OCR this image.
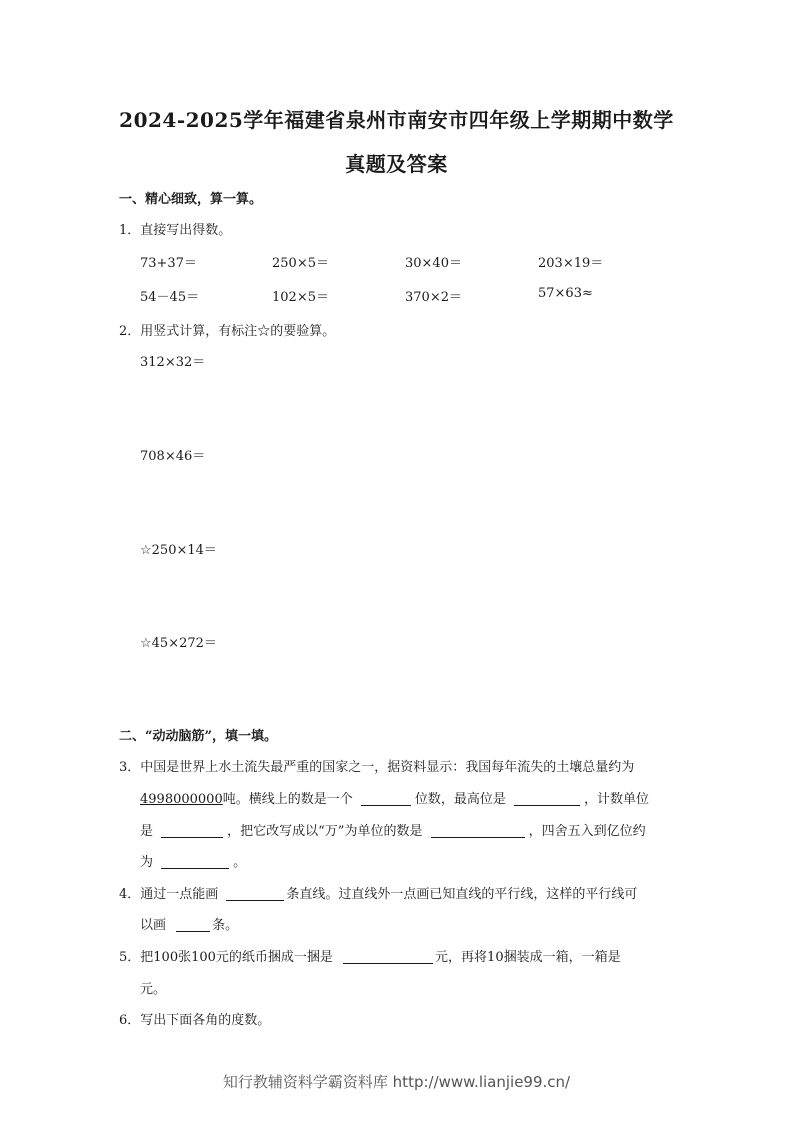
2024-2025学年福建省泉州市南安市四年级上学期期中数学
真题及答案
一、精心细致，算一算。
1．直接写出得数。
73+37＝	250×5＝	30×40＝	203×19＝
54－45＝	102×5＝	370×2＝	57×63≈
2．用竖式计算，有标注☆的要验算。
312×32＝
708×46＝
☆250×14＝
☆45×272＝
二、“动动脑筋”，填一填。
3．中国是世界上水土流失最严重的国家之一，据资料显示：我国每年流失的土壤总量约为
4998000000吨。横线上的数是一个	位数，最高位是	，计数单位
是	，把它改写成以“万”为单位的数是	，四舍五入到亿位约
为	。
4．通过一点能画	条直线。过直线外一点画已知直线的平行线，这样的平行线可
以画	条。
5．把100张100元的纸币捆成一捆是	元，再将10捆装成一箱，一箱是
元。
6．写出下面各角的度数。
知行教辅资料学霸资料库 http://www.lianjie99.cn/
